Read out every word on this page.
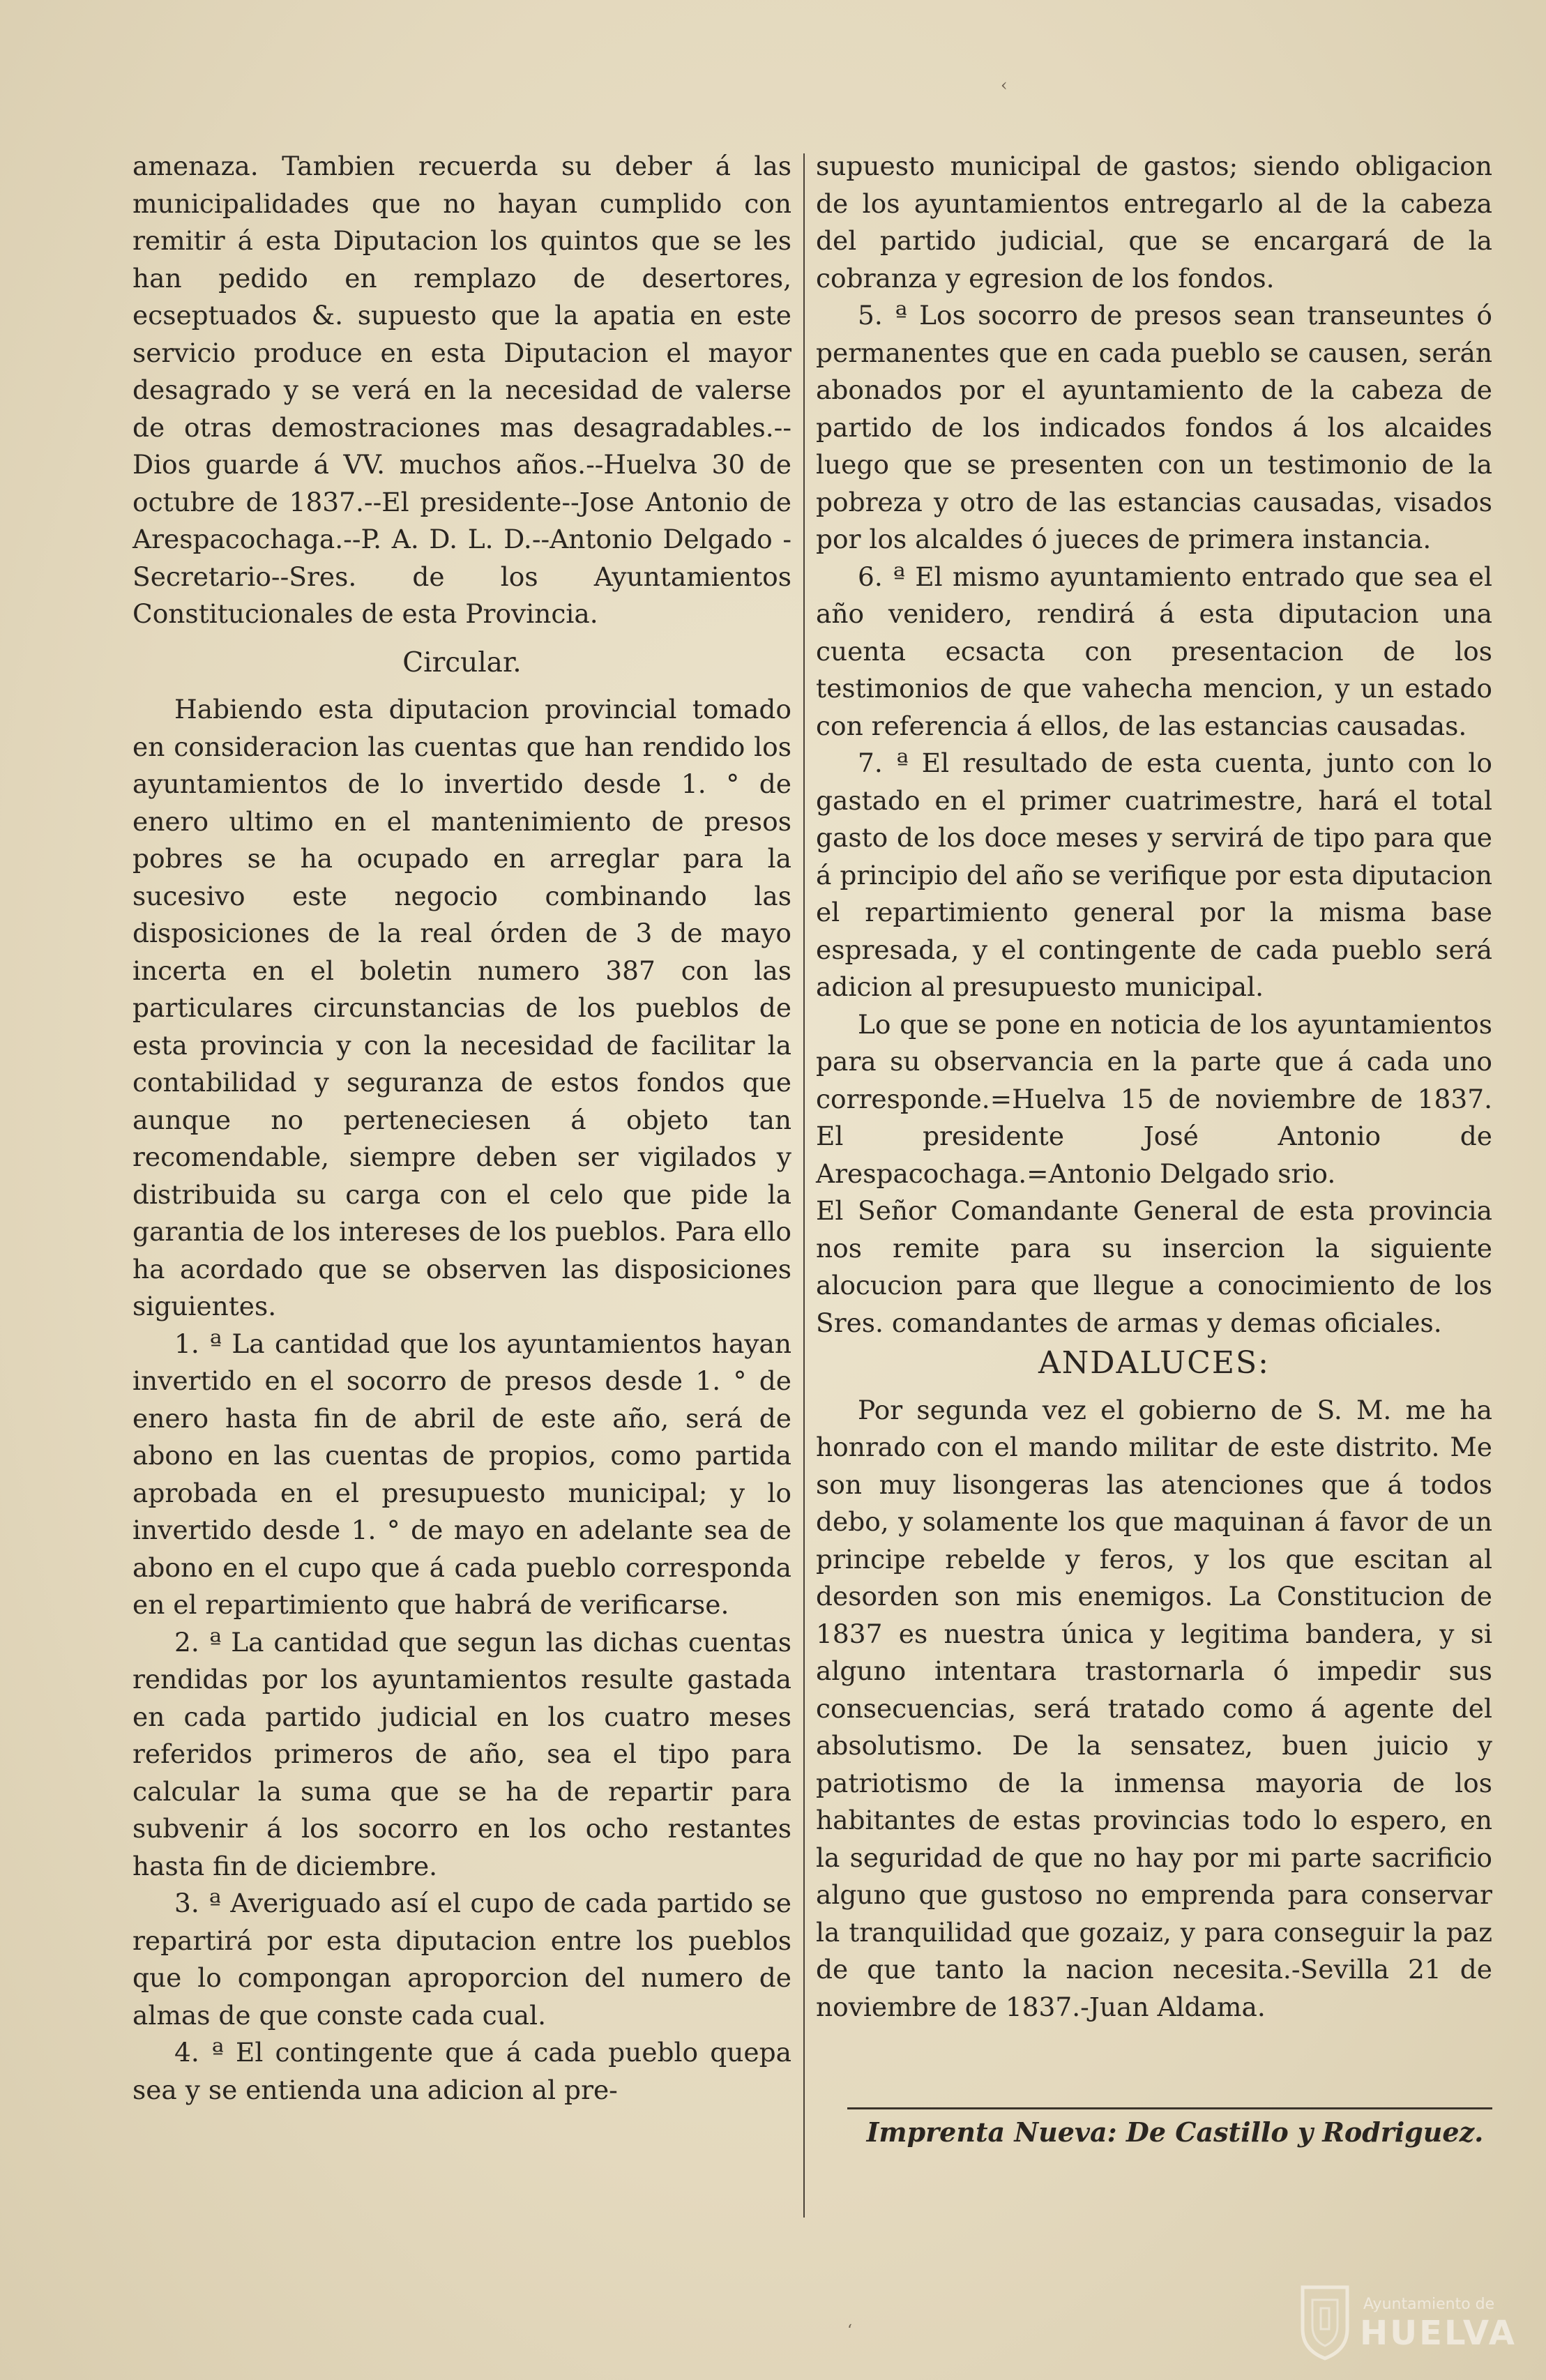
‹

amenaza. Tambien recuerda su deber á las municipalidades que no hayan cumplido con remitir á esta Diputacion los quintos que se les han pedido en remplazo de desertores, ecseptuados &. supuesto que la apatia en este servicio produce en esta Diputacion el mayor desagrado y se verá en la necesidad de valerse de otras demostraciones mas desagradables.--Dios guarde á VV. muchos años.--Huelva 30 de octubre de 1837.--El presidente--Jose Antonio de Arespacochaga.--P. A. D. L. D.--Antonio Delgado -Secretario--Sres. de los Ayuntamientos Constitucionales de esta Provincia.

Circular.

Habiendo esta diputacion provincial tomado en consideracion las cuentas que han rendido los ayuntamientos de lo invertido desde 1. ° de enero ultimo en el mantenimiento de presos pobres se ha ocupado en arreglar para la sucesivo este negocio combinando las disposiciones de la real órden de 3 de mayo incerta en el boletin numero 387 con las particulares circunstancias de los pueblos de esta provincia y con la necesidad de facilitar la contabilidad y seguranza de estos fondos que aunque no perteneciesen á objeto tan recomendable, siempre deben ser vigilados y distribuida su carga con el celo que pide la garantia de los intereses de los pueblos. Para ello ha acordado que se observen las disposiciones siguientes.

1. ª La cantidad que los ayuntamientos hayan invertido en el socorro de presos desde 1. ° de enero hasta fin de abril de este año, será de abono en las cuentas de propios, como partida aprobada en el presupuesto municipal; y lo invertido desde 1. ° de mayo en adelante sea de abono en el cupo que á cada pueblo corresponda en el repartimiento que habrá de verificarse.

2. ª La cantidad que segun las dichas cuentas rendidas por los ayuntamientos resulte gastada en cada partido judicial en los cuatro meses referidos primeros de año, sea el tipo para calcular la suma que se ha de repartir para subvenir á los socorro en los ocho restantes hasta fin de diciembre.

3. ª Averiguado así el cupo de cada partido se repartirá por esta diputacion entre los pueblos que lo compongan aproporcion del numero de almas de que conste cada cual.

4. ª El contingente que á cada pueblo quepa sea y se entienda una adicion al pre-

supuesto municipal de gastos; siendo obligacion de los ayuntamientos entregarlo al de la cabeza del partido judicial, que se encargará de la cobranza y egresion de los fondos.

5. ª Los socorro de presos sean transeuntes ó permanentes que en cada pueblo se causen, serán abonados por el ayuntamiento de la cabeza de partido de los indicados fondos á los alcaides luego que se presenten con un testimonio de la pobreza y otro de las estancias causadas, visados por los alcaldes ó jueces de primera instancia.

6. ª El mismo ayuntamiento entrado que sea el año venidero, rendirá á esta diputacion una cuenta ecsacta con presentacion de los testimonios de que vahecha mencion, y un estado con referencia á ellos, de las estancias causadas.

7. ª El resultado de esta cuenta, junto con lo gastado en el primer cuatrimestre, hará el total gasto de los doce meses y servirá de tipo para que á principio del año se verifique por esta diputacion el repartimiento general por la misma base espresada, y el contingente de cada pueblo será adicion al presupuesto municipal.

Lo que se pone en noticia de los ayuntamientos para su observancia en la parte que á cada uno corresponde.=Huelva 15 de noviembre de 1837. El presidente José Antonio de Arespacochaga.=Antonio Delgado srio.

El Señor Comandante General de esta provincia nos remite para su insercion la siguiente alocucion para que llegue a conocimiento de los Sres. comandantes de armas y demas oficiales.

ANDALUCES:

Por segunda vez el gobierno de S. M. me ha honrado con el mando militar de este distrito. Me son muy lisongeras las atenciones que á todos debo, y solamente los que maquinan á favor de un principe rebelde y feros, y los que escitan al desorden son mis enemigos. La Constitucion de 1837 es nuestra única y legitima bandera, y si alguno intentara trastornarla ó impedir sus consecuencias, será tratado como á agente del absolutismo. De la sensatez, buen juicio y patriotismo de la inmensa mayoria de los habitantes de estas provincias todo lo espero, en la seguridad de que no hay por mi parte sacrificio alguno que gustoso no emprenda para conservar la tranquilidad que gozaiz, y para conseguir la paz de que tanto la nacion necesita.-Sevilla 21 de noviembre de 1837.-Juan Aldama.

Imprenta Nueva: De Castillo y Rodriguez.
‘
Ayuntamiento de
HUELVA
